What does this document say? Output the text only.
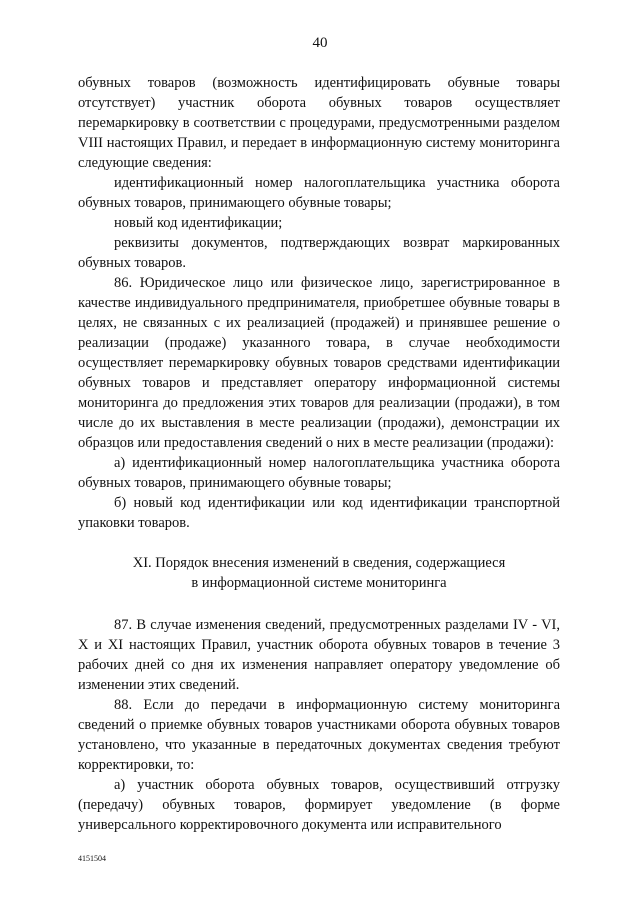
40

обувных товаров (возможность идентифицировать обувные товары отсутствует) участник оборота обувных товаров осуществляет перемаркировку в соответствии с процедурами, предусмотренными разделом VIII настоящих Правил, и передает в информационную систему мониторинга следующие сведения:

идентификационный номер налогоплательщика участника оборота обувных товаров, принимающего обувные товары;

новый код идентификации;

реквизиты документов, подтверждающих возврат маркированных обувных товаров.

86. Юридическое лицо или физическое лицо, зарегистрированное в качестве индивидуального предпринимателя, приобретшее обувные товары в целях, не связанных с их реализацией (продажей) и принявшее решение о реализации (продаже) указанного товара, в случае необходимости осуществляет перемаркировку обувных товаров средствами идентификации обувных товаров и представляет оператору информационной системы мониторинга до предложения этих товаров для реализации (продажи), в том числе до их выставления в месте реализации (продажи), демонстрации их образцов или предоставления сведений о них в месте реализации (продажи):

а) идентификационный номер налогоплательщика участника оборота обувных товаров, принимающего обувные товары;

б) новый код идентификации или код идентификации транспортной упаковки товаров.

XI. Порядок внесения изменений в сведения, содержащиеся
в информационной системе мониторинга

87. В случае изменения сведений, предусмотренных разделами IV - VI, X и XI настоящих Правил, участник оборота обувных товаров в течение 3 рабочих дней со дня их изменения направляет оператору уведомление об изменении этих сведений.

88. Если до передачи в информационную систему мониторинга сведений о приемке обувных товаров участниками оборота обувных товаров установлено, что указанные в передаточных документах сведения требуют корректировки, то:

а) участник оборота обувных товаров, осуществивший отгрузку (передачу) обувных товаров, формирует уведомление (в форме универсального корректировочного документа или исправительного

4151504
